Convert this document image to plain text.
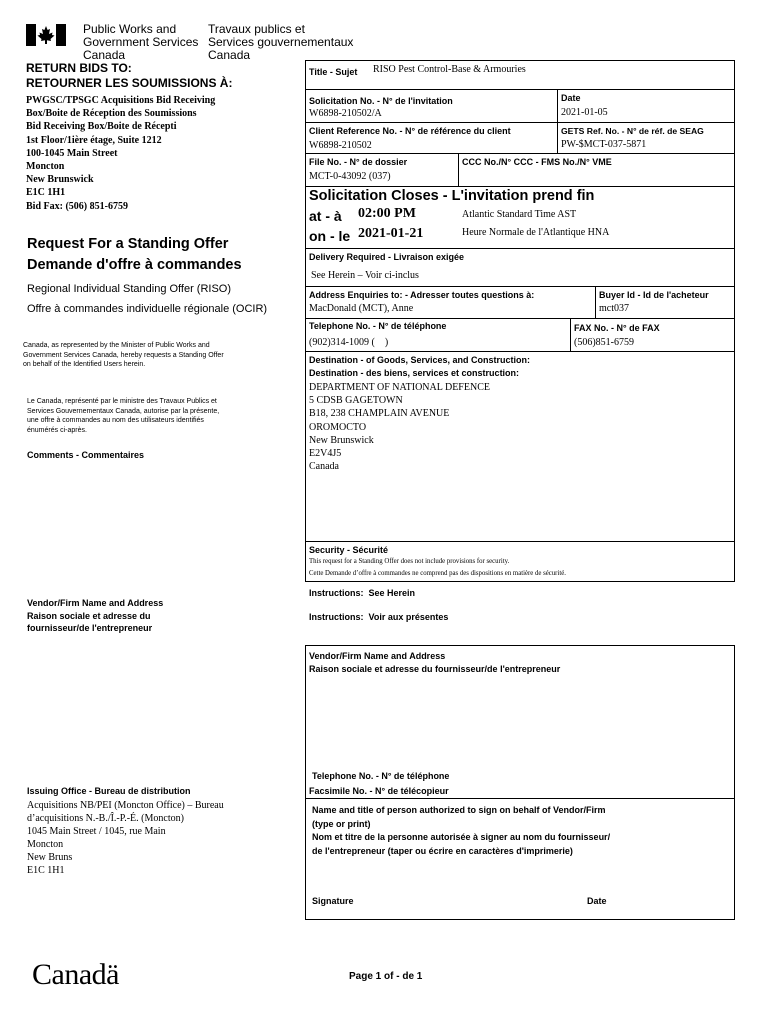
Public Works and
Government Services
Canada
Travaux publics et
Services gouvernementaux
Canada
RETURN BIDS TO:
RETOURNER LES SOUMISSIONS À:
PWGSC/TPSGC Acquisitions Bid Receiving
Box/Boite de Réception des Soumissions
Bid Receiving Box/Boite de Récepti
1st Floor/1ière étage, Suite 1212
100-1045 Main Street
Moncton
New Brunswick
E1C 1H1
Bid Fax: (506) 851-6759
Request For a Standing Offer
Demande d'offre à commandes
Regional Individual Standing Offer (RISO)
Offre à commandes individuelle régionale (OCIR)
Canada, as represented by the Minister of Public Works and
Government Services Canada, hereby requests a Standing Offer
on behalf of the Identified Users herein.
Le Canada, représenté par le ministre des Travaux Publics et
Services Gouvernementaux Canada, autorise par la présente,
une offre à commandes au nom des utilisateurs identifiés
énumérés ci-après.
Comments - Commentaires
Vendor/Firm Name and Address
Raison sociale et adresse du
fournisseur/de l'entrepreneur
Issuing Office - Bureau de distribution
Acquisitions NB/PEI (Moncton Office) – Bureau
d’acquisitions N.-B./Î.-P.-É. (Moncton)
1045 Main Street / 1045, rue Main
Moncton
New Bruns
E1C 1H1
Title - Sujet RISO Pest Control-Base & Armouries
Solicitation No. - N° de l'invitation
W6898-210502/A
Date
2021-01-05
Client Reference No. - N° de référence du client
W6898-210502
GETS Ref. No. - N° de réf. de SEAG
PW-$MCT-037-5871
File No. - N° de dossier
MCT-0-43092 (037)
CCC No./N° CCC - FMS No./N° VME
Solicitation Closes - L'invitation prend fin
at - à 02:00 PM	Atlantic Standard Time AST
on - le 2021-01-21	Heure Normale de l'Atlantique HNA
Delivery Required - Livraison exigée
See Herein – Voir ci-inclus
Address Enquiries to: - Adresser toutes questions à:
MacDonald (MCT), Anne
Buyer Id - Id de l'acheteur
mct037
Telephone No. - N° de téléphone
(902)314-1009 (    )
FAX No. - N° de FAX
(506)851-6759
Destination - of Goods, Services, and Construction:
Destination - des biens, services et construction:
DEPARTMENT OF NATIONAL DEFENCE
5 CDSB GAGETOWN
B18, 238 CHAMPLAIN AVENUE
OROMOCTO
New Brunswick
E2V4J5
Canada
Security - Sécurité
This request for a Standing Offer does not include provisions for security.
Cette Demande d’offre à commandes ne comprend pas des dispositions en matière de sécurité.
Instructions:  See Herein
Instructions:  Voir aux présentes
Vendor/Firm Name and Address
Raison sociale et adresse du fournisseur/de l'entrepreneur
Telephone No. - N° de téléphone
Facsimile No. - N° de télécopieur
Name and title of person authorized to sign on behalf of Vendor/Firm
(type or print)
Nom et titre de la personne autorisée à signer au nom du fournisseur/
de l'entrepreneur (taper ou écrire en caractères d'imprimerie)
Signature	Date
Canadä	Page 1 of - de 1
